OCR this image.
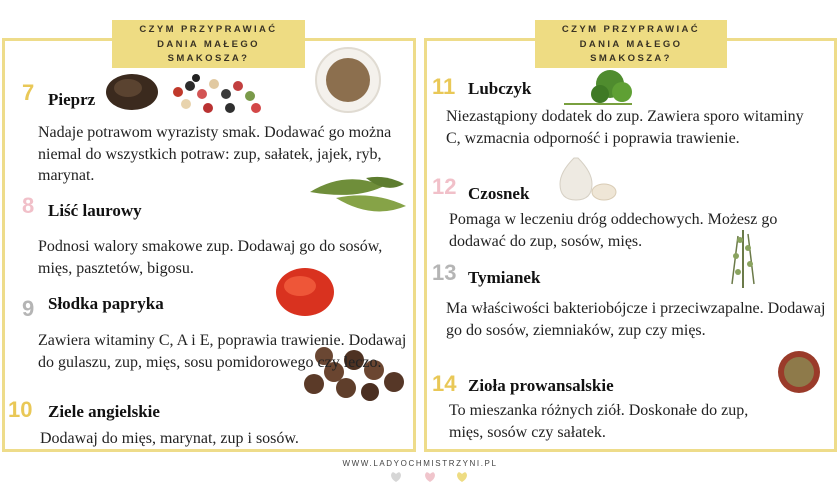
CZYM PRZYPRAWIAĆ
DANIA MAŁEGO
SMAKOSZA?
CZYM PRZYPRAWIAĆ
DANIA MAŁEGO
SMAKOSZA?
7 Pieprz
Nadaje potrawom wyrazisty smak. Dodawać go można niemal do wszystkich potraw: zup, sałatek, jajek, ryb, marynat.
8 Liść laurowy
Podnosi walory smakowe zup. Dodawaj go do sosów, mięs, pasztetów, bigosu.
9 Słodka papryka
Zawiera witaminy C, A i E, poprawia trawienie. Dodawaj do gulaszu, zup, mięs, sosu pomidorowego czy leczo.
10 Ziele angielskie
Dodawaj do mięs, marynat, zup i sosów.
11 Lubczyk
Niezastąpiony dodatek do zup. Zawiera sporo witaminy C, wzmacnia odporność i poprawia trawienie.
12 Czosnek
Pomaga w leczeniu dróg oddechowych. Możesz go dodawać do zup, sosów, mięs.
13 Tymianek
Ma właściwości bakteriobójcze i przeciwzapalne. Dodawaj go do sosów, ziemniaków, zup czy mięs.
14 Zioła prowansalskie
To mieszanka różnych ziół. Doskonałe do zup, mięs, sosów czy sałatek.
WWW.LADYOCHMISTRZYNI.PL
